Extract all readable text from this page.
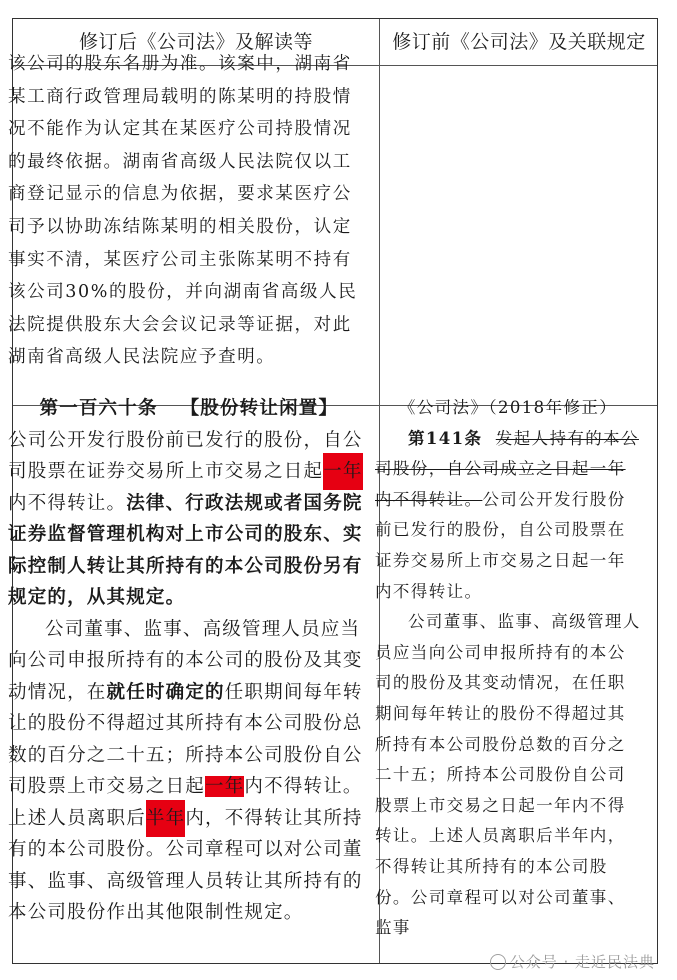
修订后《公司法》及解读等	修订前《公司法》及关联规定

该公司的股东名册为准。该案中，湖南省某工商行政管理局载明的陈某明的持股情况不能作为认定其在某医疗公司持股情况的最终依据。湖南省高级人民法院仅以工商登记显示的信息为依据，要求某医疗公司予以协助冻结陈某明的相关股份，认定事实不清，某医疗公司主张陈某明不持有该公司30%的股份，并向湖南省高级人民法院提供股东大会会议记录等证据，对此湖南省高级人民法院应予查明。

第一百六十条 【股份转让闲置】

公司公开发行股份前已发行的股份，自公司股票在证券交易所上市交易之日起一年内不得转让。法律、行政法规或者国务院证券监督管理机构对上市公司的股东、实际控制人转让其所持有的本公司股份另有规定的，从其规定。

公司董事、监事、高级管理人员应当向公司申报所持有的本公司的股份及其变动情况，在就任时确定的任职期间每年转让的股份不得超过其所持有本公司股份总数的百分之二十五；所持本公司股份自公司股票上市交易之日起一年内不得转让。上述人员离职后半年内，不得转让其所持有的本公司股份。公司章程可以对公司董事、监事、高级管理人员转让其所持有的本公司股份作出其他限制性规定。

《公司法》（2018年修正）

第141条 发起人持有的本公司股份，自公司成立之日起一年内不得转让。公司公开发行股份前已发行的股份，自公司股票在证券交易所上市交易之日起一年内不得转让。

公司董事、监事、高级管理人员应当向公司申报所持有的本公司的股份及其变动情况，在任职期间每年转让的股份不得超过其所持有本公司股份总数的百分之二十五；所持本公司股份自公司股票上市交易之日起一年内不得转让。上述人员离职后半年内，不得转让其所持有的本公司股份。公司章程可以对公司董事、监事

公众号 · 走近民法典
